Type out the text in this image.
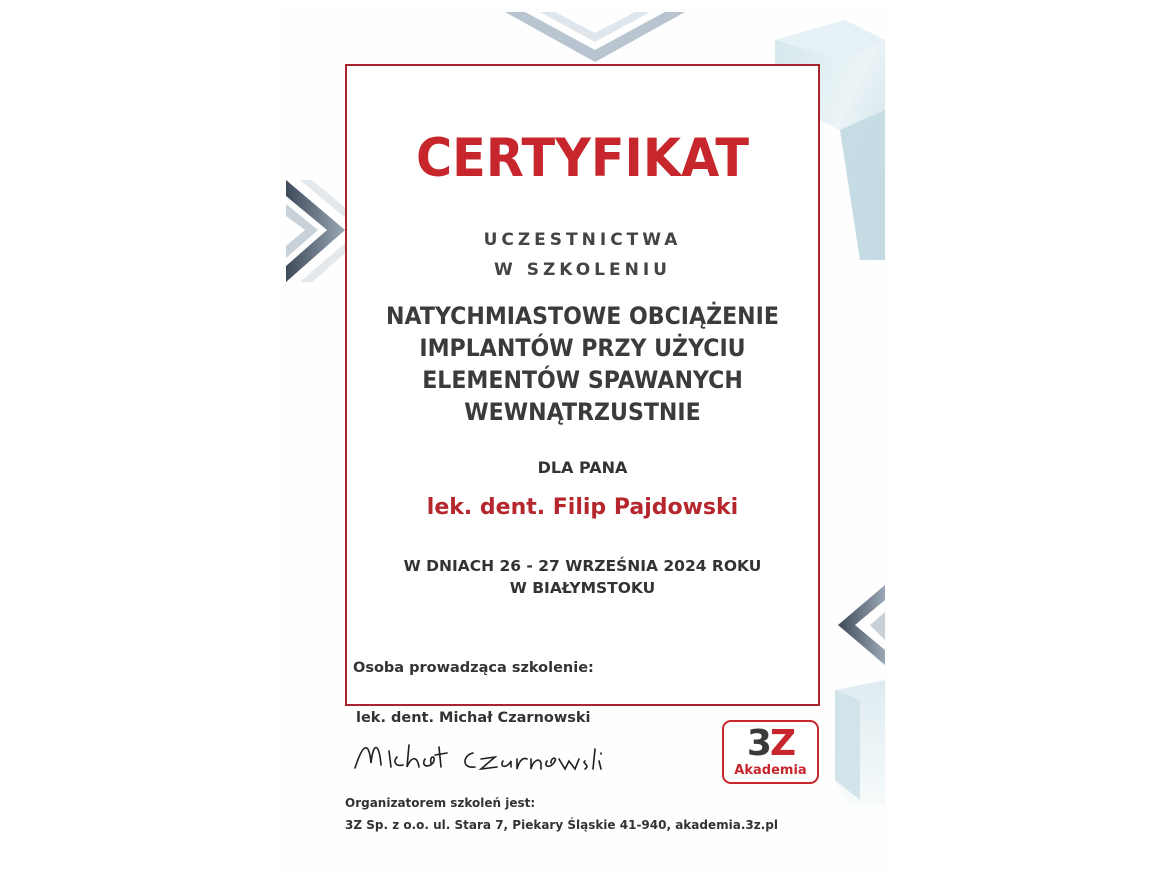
CERTYFIKAT
UCZESTNICTWA
W SZKOLENIU
NATYCHMIASTOWE OBCIĄŻENIE
IMPLANTÓW PRZY UŻYCIU
ELEMENTÓW SPAWANYCH
WEWNĄTRZUSTNIE
DLA PANA
lek. dent. Filip Pajdowski
W DNIACH 26 - 27 WRZEŚNIA 2024 ROKU
W BIAŁYMSTOKU

Osoba prowadząca szkolenie:

lek. dent. Michał Czarnowski

3Z
Akademia

Organizatorem szkoleń jest:

3Z Sp. z o.o. ul. Stara 7, Piekary Śląskie 41-940, akademia.3z.pl
